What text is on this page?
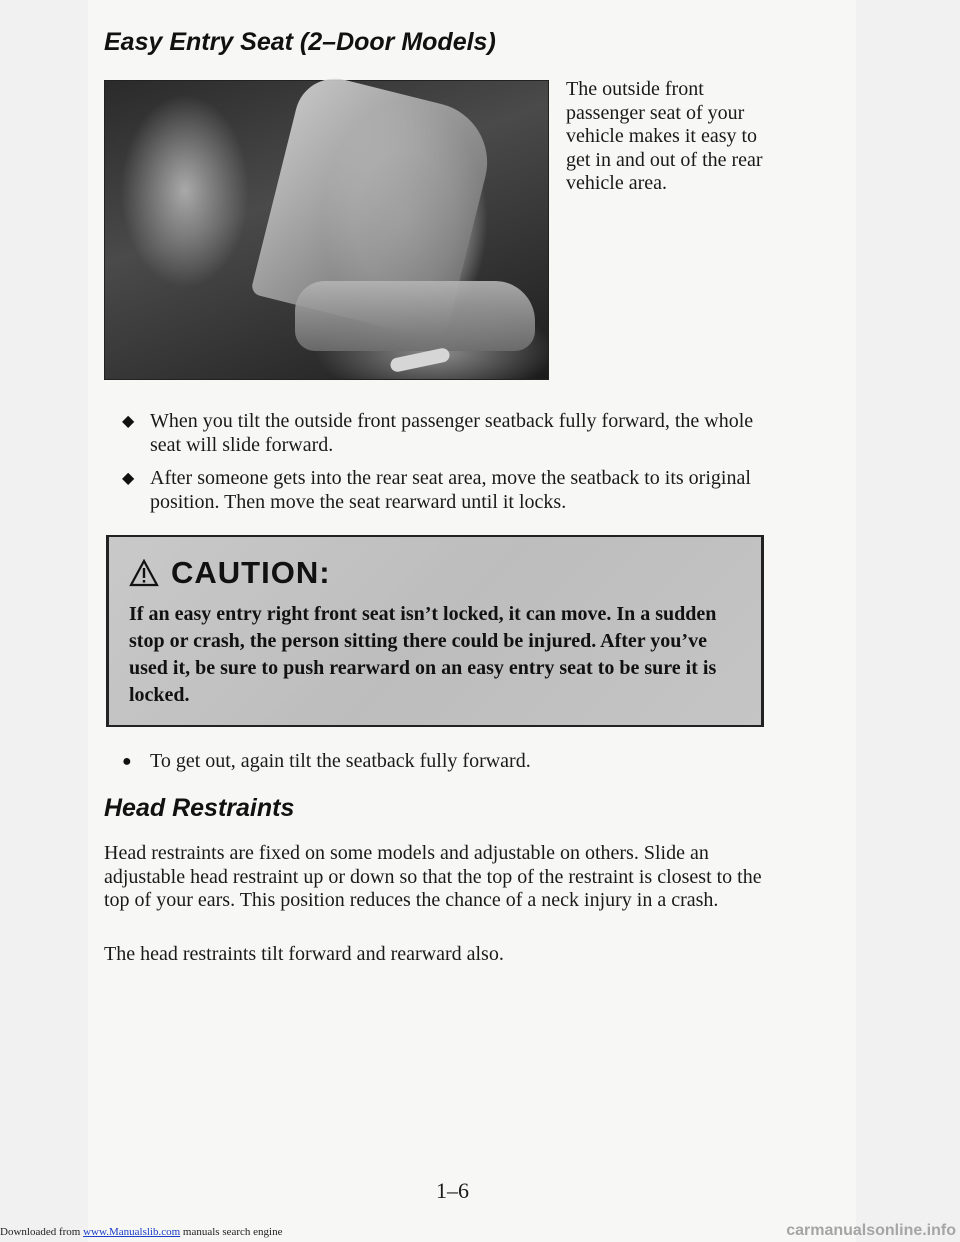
Easy Entry Seat (2–Door Models)

The outside front passenger seat of your vehicle makes it easy to get in and out of the rear vehicle area.

◆ When you tilt the outside front passenger seatback fully forward, the whole seat will slide forward.
◆ After someone gets into the rear seat area, move the seatback to its original position. Then move the seat rearward until it locks.
CAUTION:

If an easy entry right front seat isn’t locked, it can move. In a sudden stop or crash, the person sitting there could be injured. After you’ve used it, be sure to push rearward on an easy entry seat to be sure it is locked.

● To get out, again tilt the seatback fully forward.
Head Restraints

Head restraints are fixed on some models and adjustable on others. Slide an adjustable head restraint up or down so that the top of the restraint is closest to the top of your ears. This position reduces the chance of a neck injury in a crash.

The head restraints tilt forward and rearward also.

1–6
Downloaded from www.Manualslib.com manuals search engine	carmanualsonline.info
